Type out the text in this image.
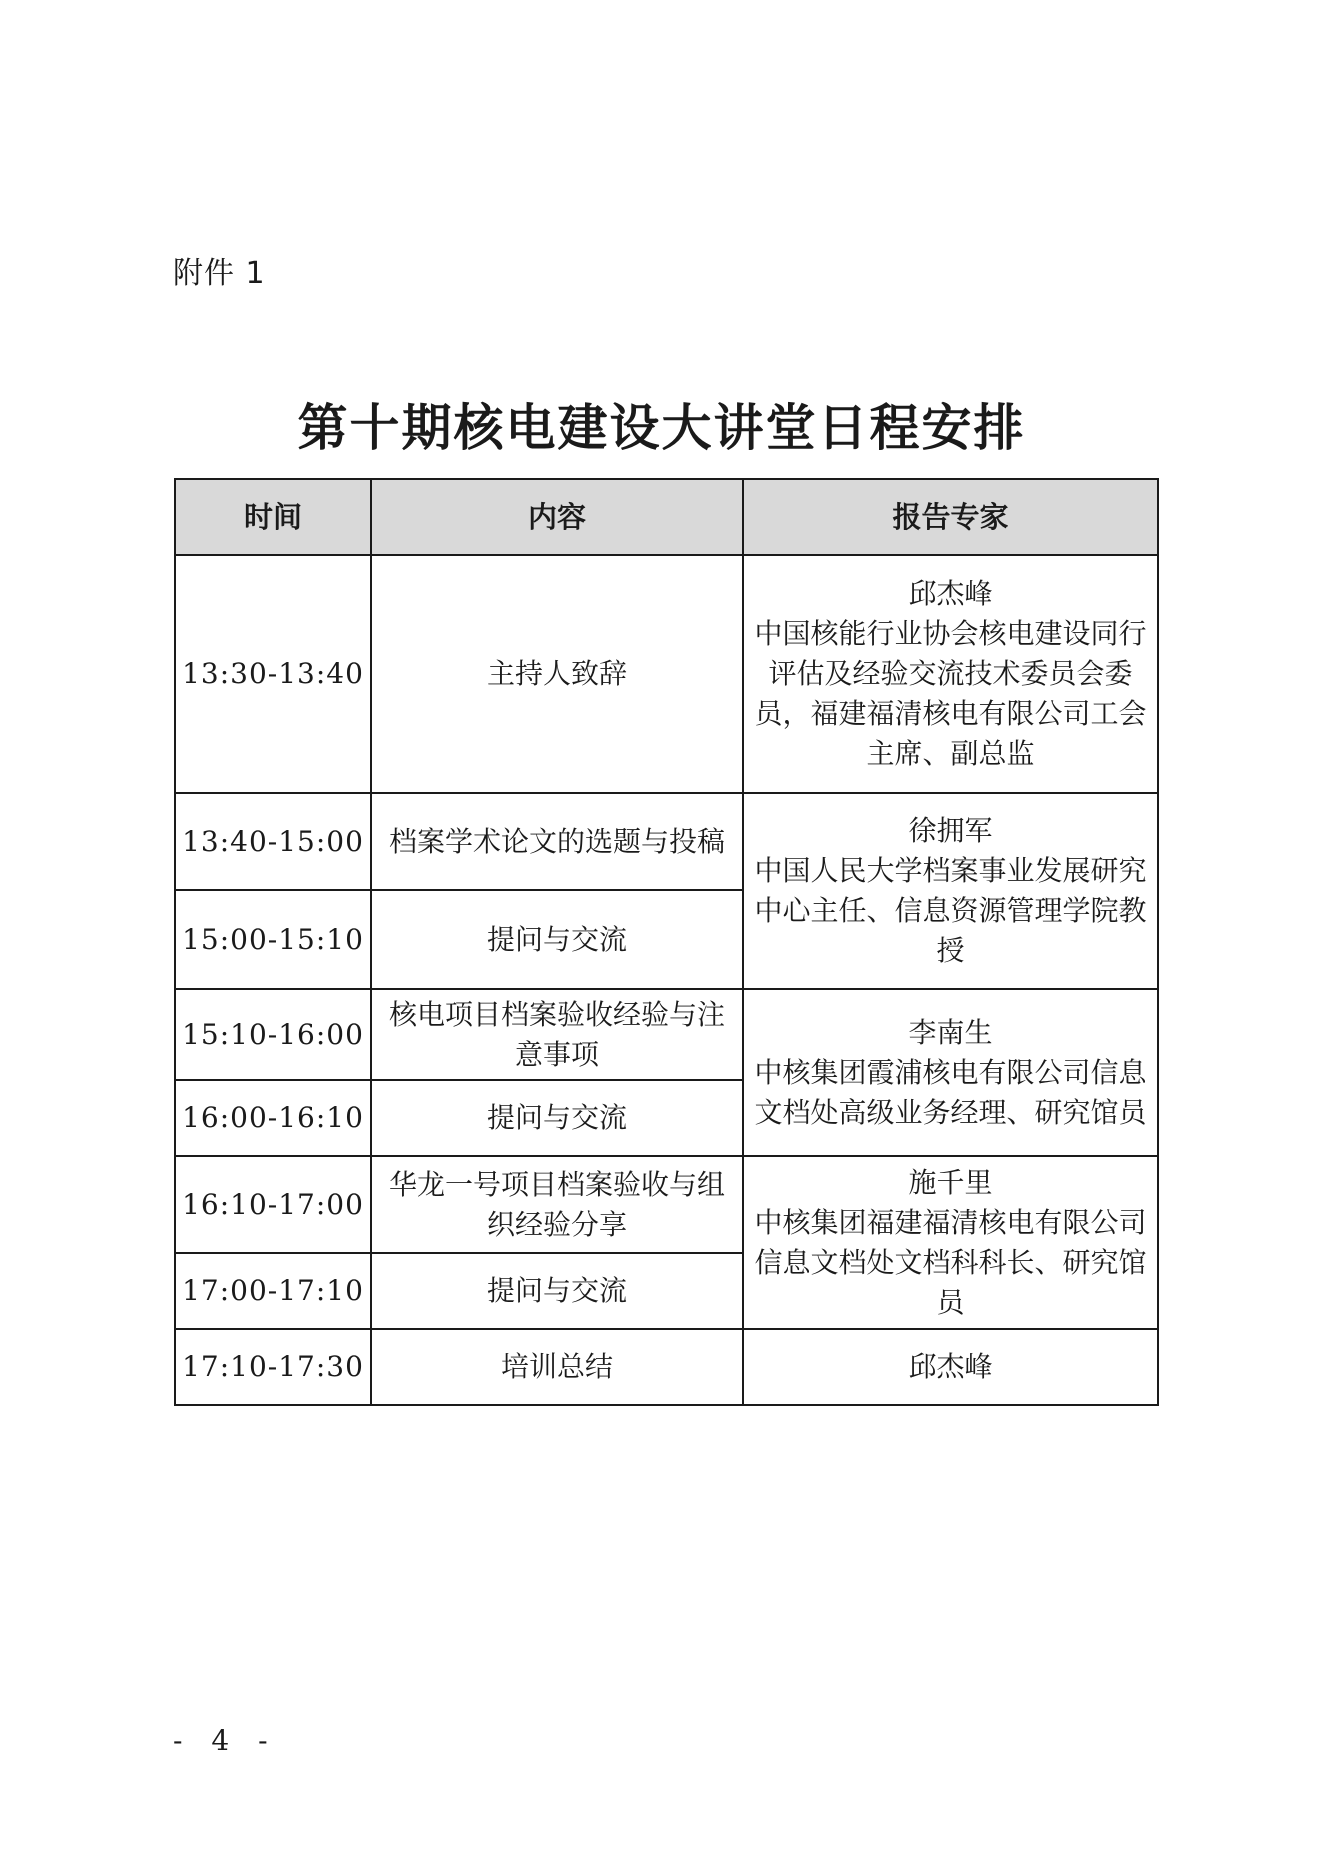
附件 1
第十期核电建设大讲堂日程安排
时间	内容	报告专家
13:30-13:40	主持人致辞	邱杰峰
中国核能行业协会核电建设同行评估及经验交流技术委员会委员，福建福清核电有限公司工会主席、副总监

13:40-15:00	档案学术论文的选题与投稿	徐拥军
中国人民大学档案事业发展研究中心主任、信息资源管理学院教授

15:00-15:10	提问与交流	
15:10-16:00	核电项目档案验收经验与注意事项	李南生
中核集团霞浦核电有限公司信息文档处高级业务经理、研究馆员

16:00-16:10	提问与交流	
16:10-17:00	华龙一号项目档案验收与组织经验分享	施千里
中核集团福建福清核电有限公司信息文档处文档科科长、研究馆员

17:00-17:10	提问与交流	
17:10-17:30	培训总结	邱杰峰
- 4 -
